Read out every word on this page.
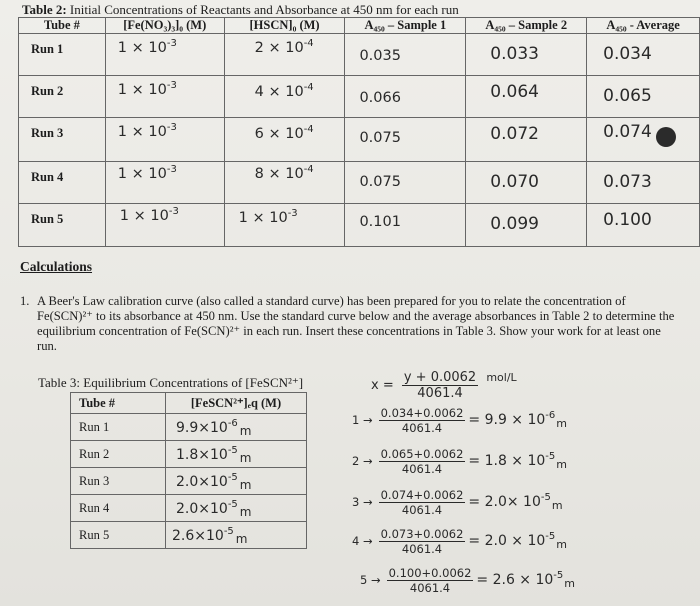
Table 2: Initial Concentrations of Reactants and Absorbance at 450 nm for each run
Tube #	[Fe(NO₃)₃]₀ (M)	[HSCN]₀ (M)	A₄₅₀ – Sample 1	A₄₅₀ – Sample 2	A₄₅₀ - Average

Run 1	$1 \times 10^{-3}$	$2 \times 10^{-4}$	0.035	0.033	0.034

Run 2	$1 \times 10^{-3}$	$4 \times 10^{-4}$	0.066	0.064	0.065

Run 3	$1 \times 10^{-3}$	$6 \times 10^{-4}$	0.075	0.072	0.074

Run 4	$1 \times 10^{-3}$	$8 \times 10^{-4}$	0.075	0.070	0.073

Run 5	$1 \times 10^{-3}$	$1 \times 10^{-3}$	0.101	0.099	0.100
Calculations
1. A Beer's Law calibration curve (also called a standard curve) has been prepared for you to relate the concentration of Fe(SCN)²⁺ to its absorbance at 450 nm. Use the standard curve below and the average absorbances in Table 2 to determine the equilibrium concentration of Fe(SCN)²⁺ in each run. Insert these concentrations in Table 3. Show your work for at least one run.
Table 3: Equilibrium Concentrations of [FeSCN²⁺]
Tube #	[FeSCN²⁺]ₑq (M)

Run 1	$9.9\times 10^{-6}m$

Run 2	$1.8\times 10^{-5}m$

Run 3	$2.0\times 10^{-5}m$

Run 4	$2.0\times 10^{-5}m$

Run 5	$2.6\times 10^{-5}m$
$x = \frac{y + 0.0062}{4061.4} ^{mol/L}$
$1 \to \frac{0.034+0.0062}{4061.4} = 9.9 \times 10^{-6}_m$
$2 \to \frac{0.065+0.0062}{4061.4} = 1.8 \times 10^{-5}_m$
$3 \to \frac{0.074+0.0062}{4061.4} = 2.0\times 10^{-5}_m$
$4 \to \frac{0.073+0.0062}{4061.4} = 2.0 \times 10^{-5}_m$
$5 \to \frac{0.100+0.0062}{4061.4} = 2.6 \times 10^{-5}_m$
